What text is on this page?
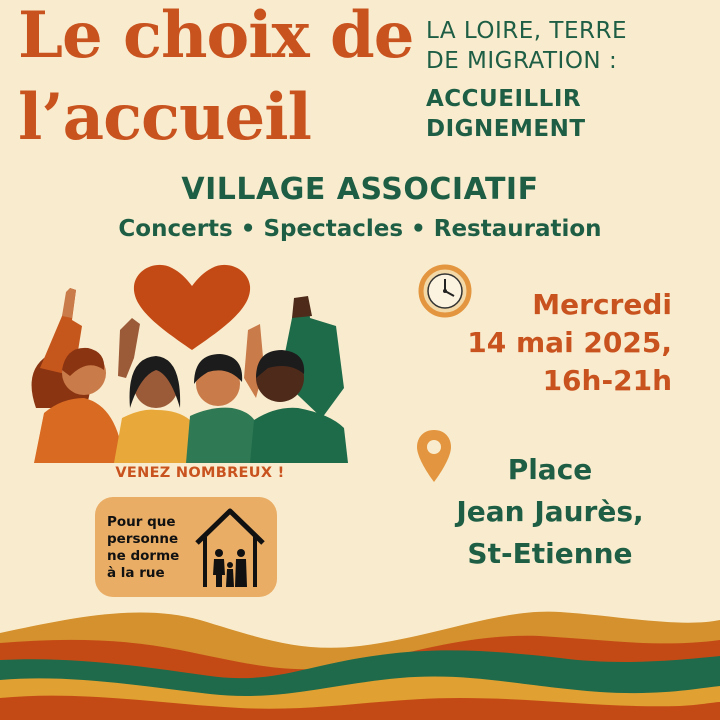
Le choix de
l’accueil
LA LOIRE, TERRE
DE MIGRATION :
ACCUEILLIR
DIGNEMENT
VILLAGE ASSOCIATIF
Concerts • Spectacles • Restauration
Mercredi
14 mai 2025,
16h-21h
Place
Jean Jaurès,
St-Etienne
VENEZ NOMBREUX !
Pour que
personne
ne dorme
à la rue
